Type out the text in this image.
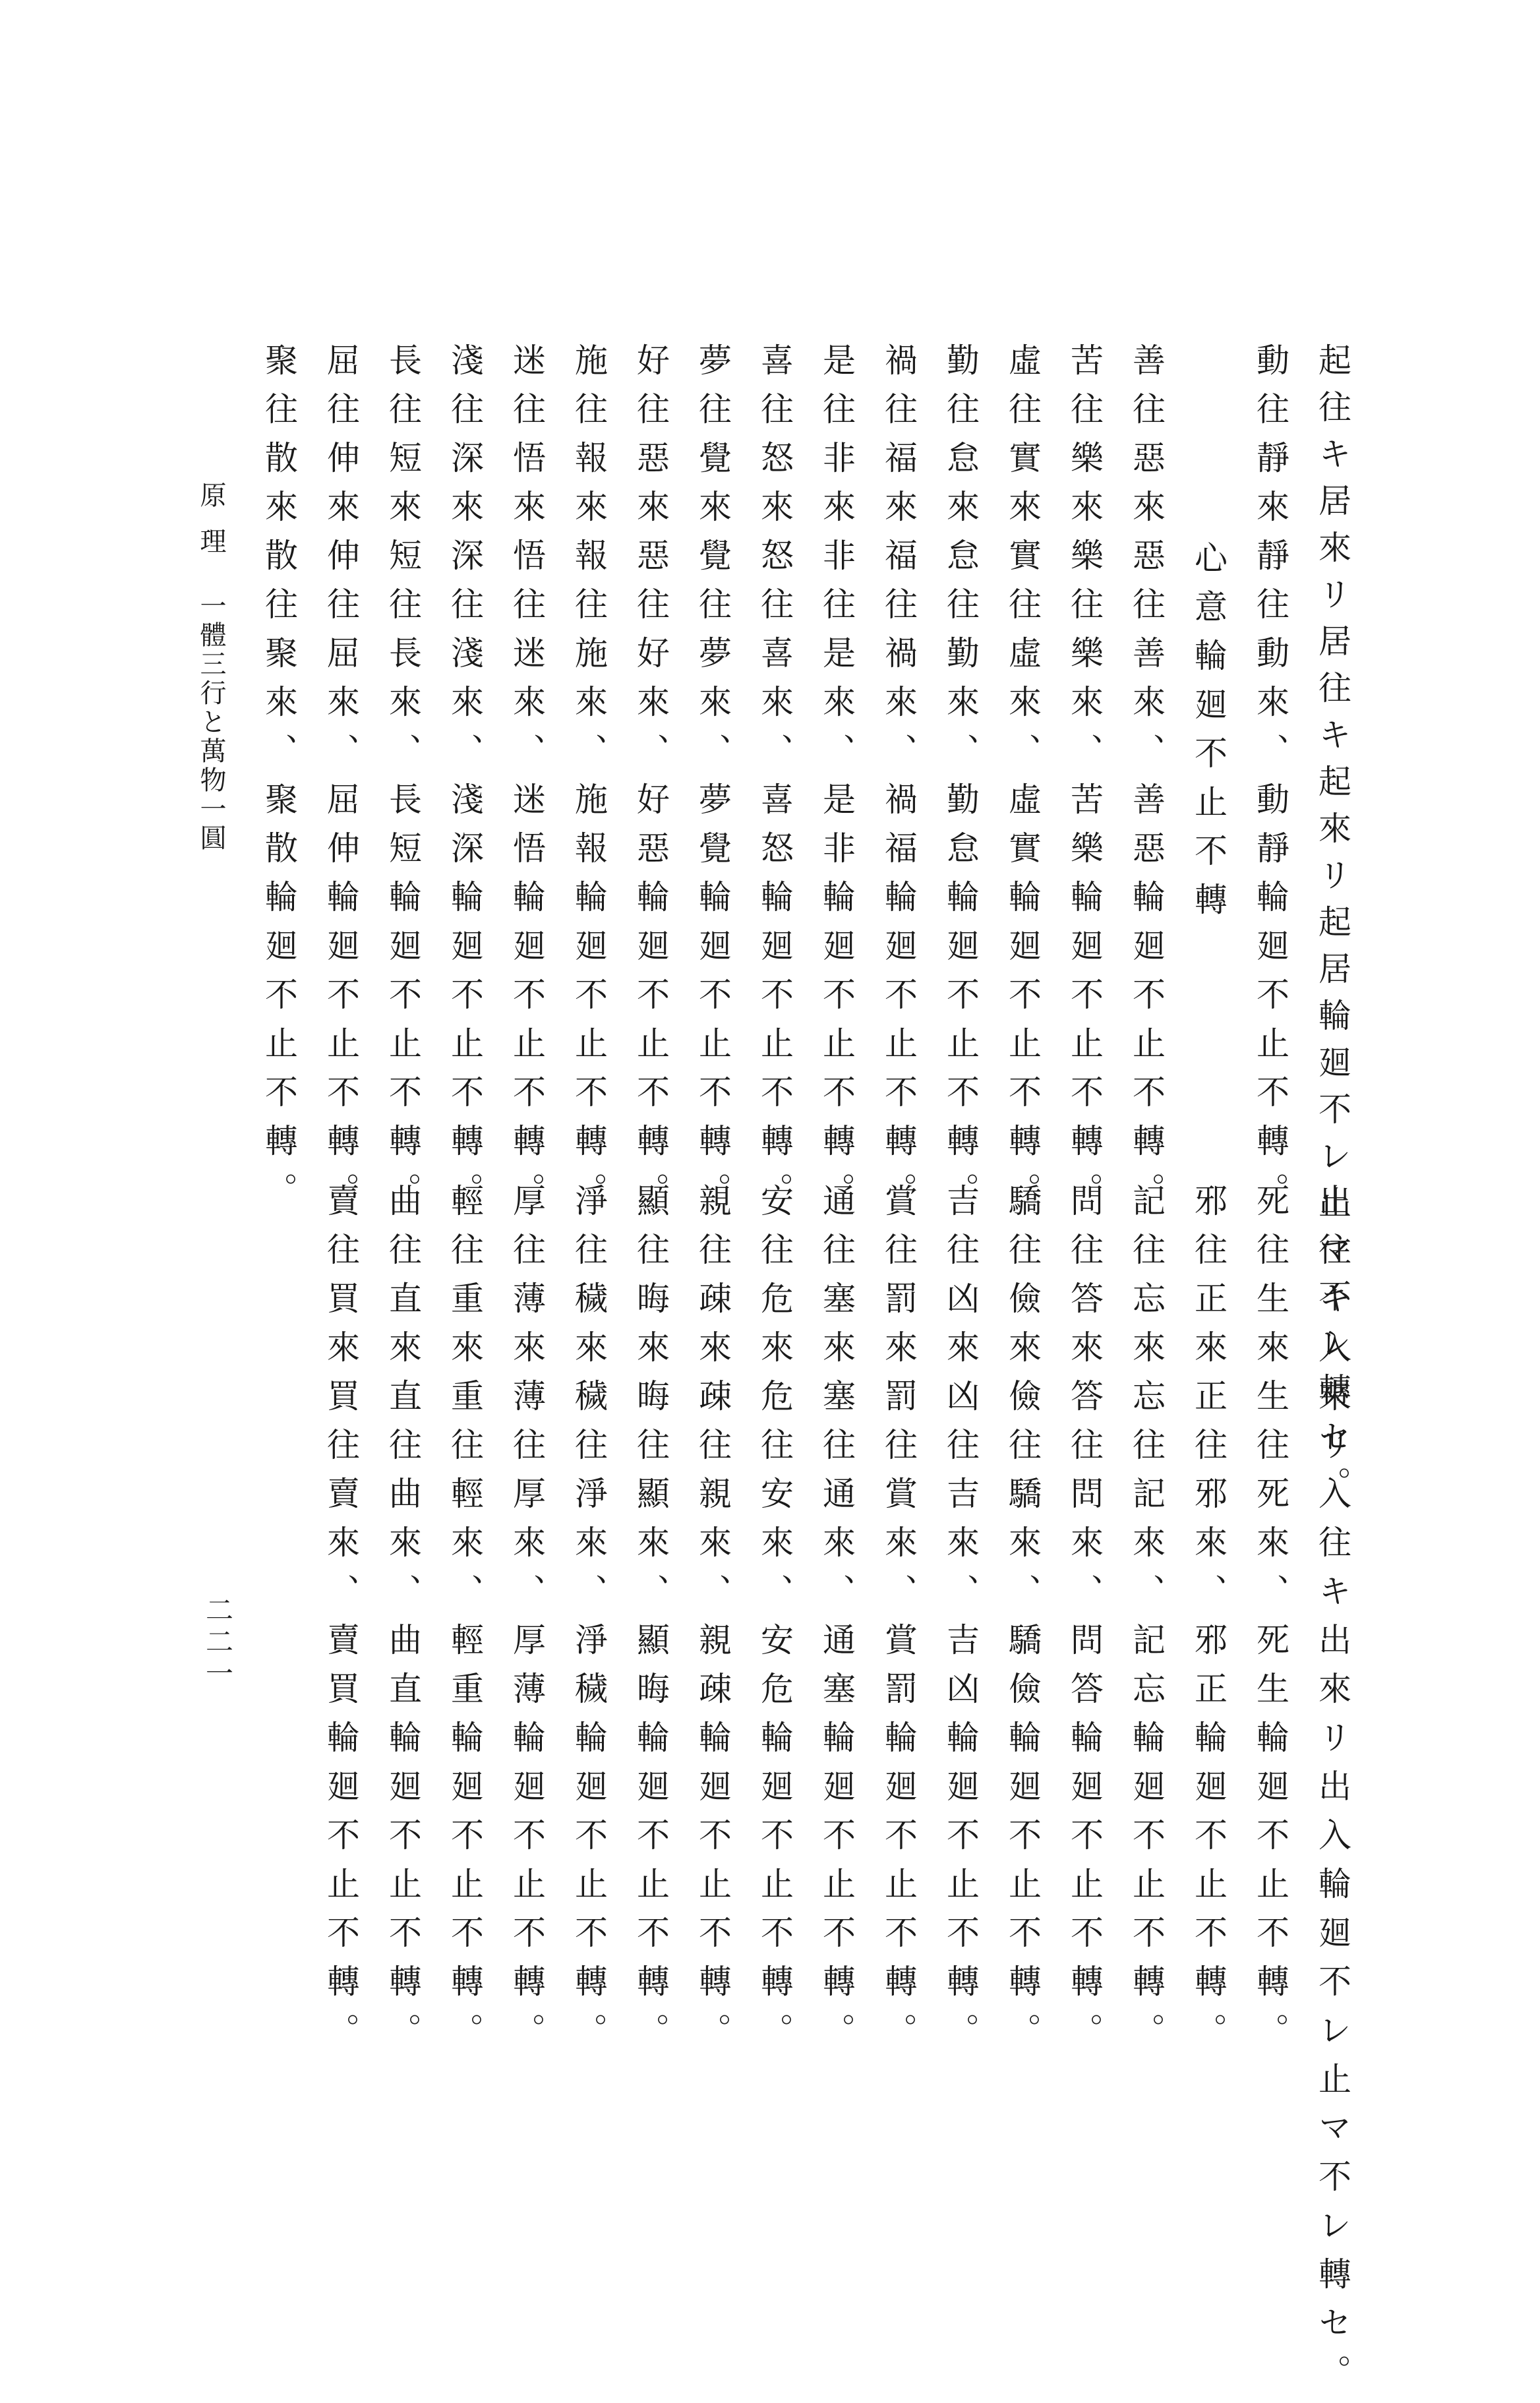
起往キ居來リ居往キ起來リ起居輪廻不レ止マ不レ轉セ。
動往靜來靜往動來、動靜輪廻不止不轉。
心意輪廻不止不轉
善往惡來惡往善來、善惡輪廻不止不轉。
苦往樂來樂往樂來、苦樂輪廻不止不轉。
虛往實來實往虛來、虛實輪廻不止不轉。
勤往怠來怠往勤來、勤怠輪廻不止不轉。
禍往福來福往禍來、禍福輪廻不止不轉。
是往非來非往是來、是非輪廻不止不轉。
喜往怒來怒往喜來、喜怒輪廻不止不轉。
夢往覺來覺往夢來、夢覺輪廻不止不轉。
好往惡來惡往好來、好惡輪廻不止不轉。
施往報來報往施來、施報輪廻不止不轉。
迷往悟來悟往迷來、迷悟輪廻不止不轉。
淺往深來深往淺來、淺深輪廻不止不轉。
長往短來短往長來、長短輪廻不止不轉。
屈往伸來伸往屈來、屈伸輪廻不止不轉。
聚往散來散往聚來、聚散輪廻不止不轉。
出往キ入來リ入往キ出來リ出入輪廻不レ止マ不レ轉セ。
死往生來生往死來、死生輪廻不止不轉。
邪往正來正往邪來、邪正輪廻不止不轉。
記往忘來忘往記來、記忘輪廻不止不轉。
問往答來答往問來、問答輪廻不止不轉。
驕往儉來儉往驕來、驕儉輪廻不止不轉。
吉往凶來凶往吉來、吉凶輪廻不止不轉。
賞往罰來罰往賞來、賞罰輪廻不止不轉。
通往塞來塞往通來、通塞輪廻不止不轉。
安往危來危往安來、安危輪廻不止不轉。
親往疎來疎往親來、親疎輪廻不止不轉。
顯往晦來晦往顯來、顯晦輪廻不止不轉。
淨往穢來穢往淨來、淨穢輪廻不止不轉。
厚往薄來薄往厚來、厚薄輪廻不止不轉。
輕往重來重往輕來、輕重輪廻不止不轉。
曲往直來直往曲來、曲直輪廻不止不轉。
賣往買來買往賣來、賣買輪廻不止不轉。
原理一體三行と萬物一圓
二二一
